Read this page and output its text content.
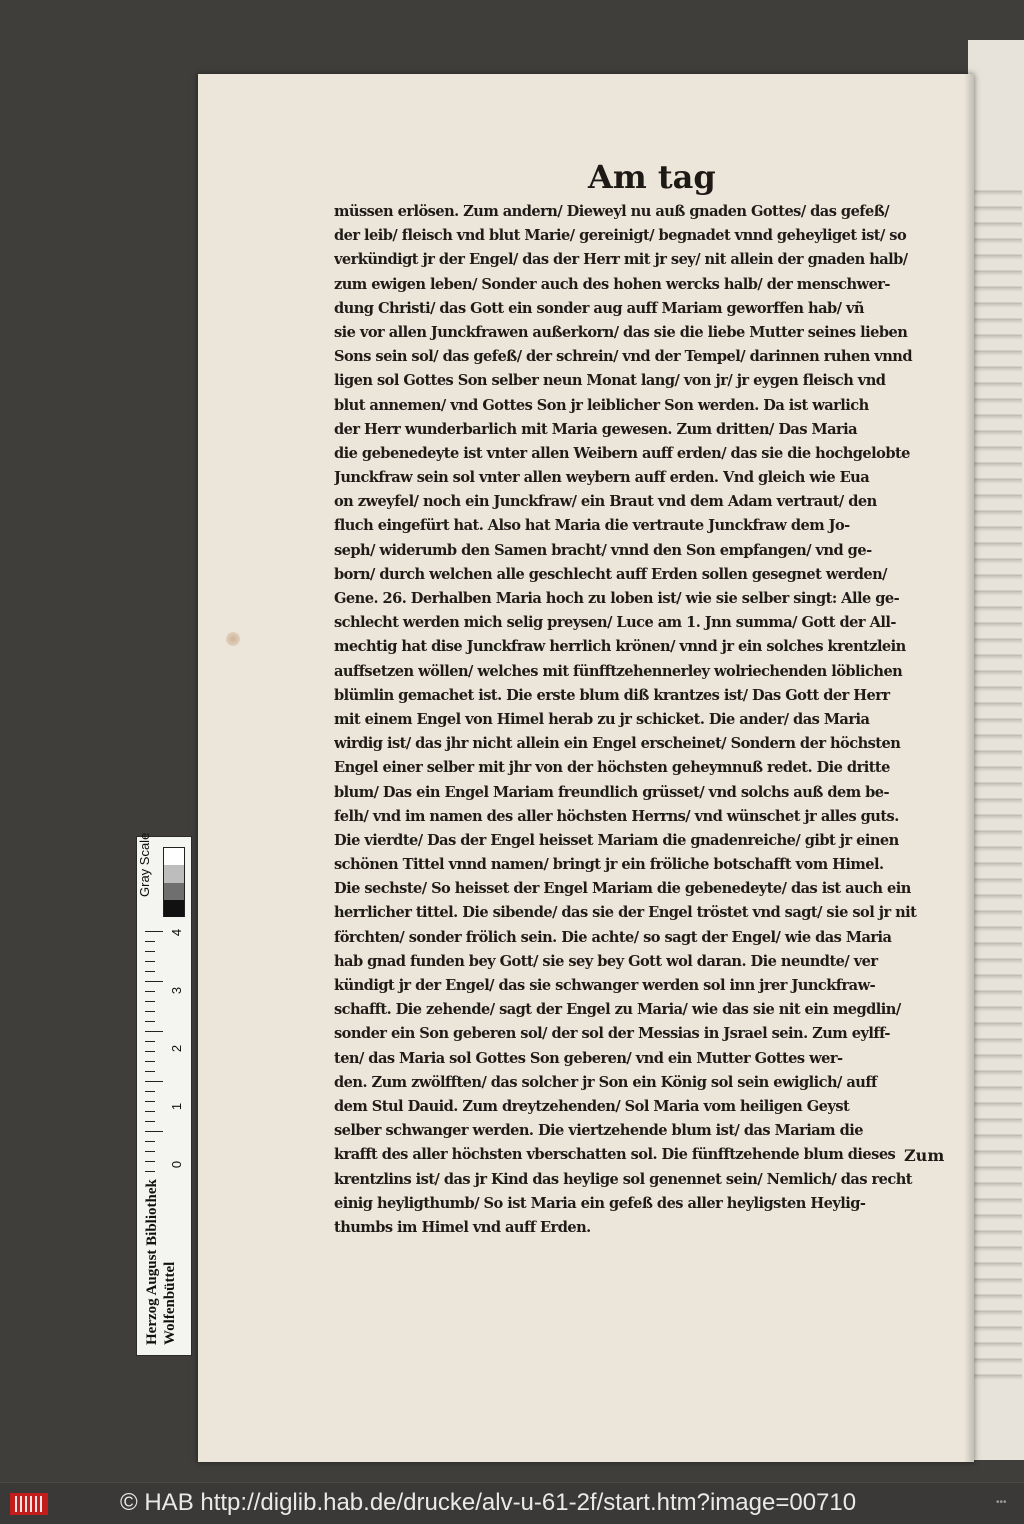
Am tag
müssen erlösen. Zum andern/ Dieweyl nu auß gnaden Gottes/ das gefeß/
der leib/ fleisch vnd blut Marie/ gereinigt/ begnadet vnnd geheyliget ist/ so
verkündigt jr der Engel/ das der Herr mit jr sey/ nit allein der gnaden halb/
zum ewigen leben/ Sonder auch des hohen wercks halb/ der menschwer-
dung Christi/ das Gott ein sonder aug auff Mariam geworffen hab/ vñ
sie vor allen Junckfrawen außerkorn/ das sie die liebe Mutter seines lieben
Sons sein sol/ das gefeß/ der schrein/ vnd der Tempel/ darinnen ruhen vnnd
ligen sol Gottes Son selber neun Monat lang/ von jr/ jr eygen fleisch vnd
blut annemen/ vnd Gottes Son jr leiblicher Son werden. Da ist warlich
der Herr wunderbarlich mit Maria gewesen. Zum dritten/ Das Maria
die gebenedeyte ist vnter allen Weibern auff erden/ das sie die hochgelobte
Junckfraw sein sol vnter allen weybern auff erden. Vnd gleich wie Eua
on zweyfel/ noch ein Junckfraw/ ein Braut vnd dem Adam vertraut/ den
fluch eingefürt hat. Also hat Maria die vertraute Junckfraw dem Jo-
seph/ widerumb den Samen bracht/ vnnd den Son empfangen/ vnd ge-
born/ durch welchen alle geschlecht auff Erden sollen gesegnet werden/
Gene. 26. Derhalben Maria hoch zu loben ist/ wie sie selber singt: Alle ge-
schlecht werden mich selig preysen/ Luce am 1. Jnn summa/ Gott der All-
mechtig hat dise Junckfraw herrlich krönen/ vnnd jr ein solches krentzlein
auffsetzen wöllen/ welches mit fünfftzehennerley wolriechenden löblichen
blümlin gemachet ist. Die erste blum diß krantzes ist/ Das Gott der Herr
mit einem Engel von Himel herab zu jr schicket. Die ander/ das Maria
wirdig ist/ das jhr nicht allein ein Engel erscheinet/ Sondern der höchsten
Engel einer selber mit jhr von der höchsten geheymnuß redet. Die dritte
blum/ Das ein Engel Mariam freundlich grüsset/ vnd solchs auß dem be-
felh/ vnd im namen des aller höchsten Herrns/ vnd wünschet jr alles guts.
Die vierdte/ Das der Engel heisset Mariam die gnadenreiche/ gibt jr einen
schönen Tittel vnnd namen/ bringt jr ein fröliche botschafft vom Himel.
Die sechste/ So heisset der Engel Mariam die gebenedeyte/ das ist auch ein
herrlicher tittel. Die sibende/ das sie der Engel tröstet vnd sagt/ sie sol jr nit
förchten/ sonder frölich sein. Die achte/ so sagt der Engel/ wie das Maria
hab gnad funden bey Gott/ sie sey bey Gott wol daran. Die neundte/ ver
kündigt jr der Engel/ das sie schwanger werden sol inn jrer Junckfraw-
schafft. Die zehende/ sagt der Engel zu Maria/ wie das sie nit ein megdlin/
sonder ein Son geberen sol/ der sol der Messias in Jsrael sein. Zum eylff-
ten/ das Maria sol Gottes Son geberen/ vnd ein Mutter Gottes wer-
den. Zum zwölfften/ das solcher jr Son ein König sol sein ewiglich/ auff
dem Stul Dauid. Zum dreytzehenden/ Sol Maria vom heiligen Geyst
selber schwanger werden. Die viertzehende blum ist/ das Mariam die
krafft des aller höchsten vberschatten sol. Die fünfftzehende blum dieses
krentzlins ist/ das jr Kind das heylige sol genennet sein/ Nemlich/ das recht
einig heyligthumb/ So ist Maria ein gefeß des aller heyligsten Heylig-
thumbs im Himel vnd auff Erden.
Zum
Gray Scale
4
3
2
1
0
Herzog August Bibliothek Wolfenbüttel
© HAB http://diglib.hab.de/drucke/alv-u-61-2f/start.htm?image=00710	•••
